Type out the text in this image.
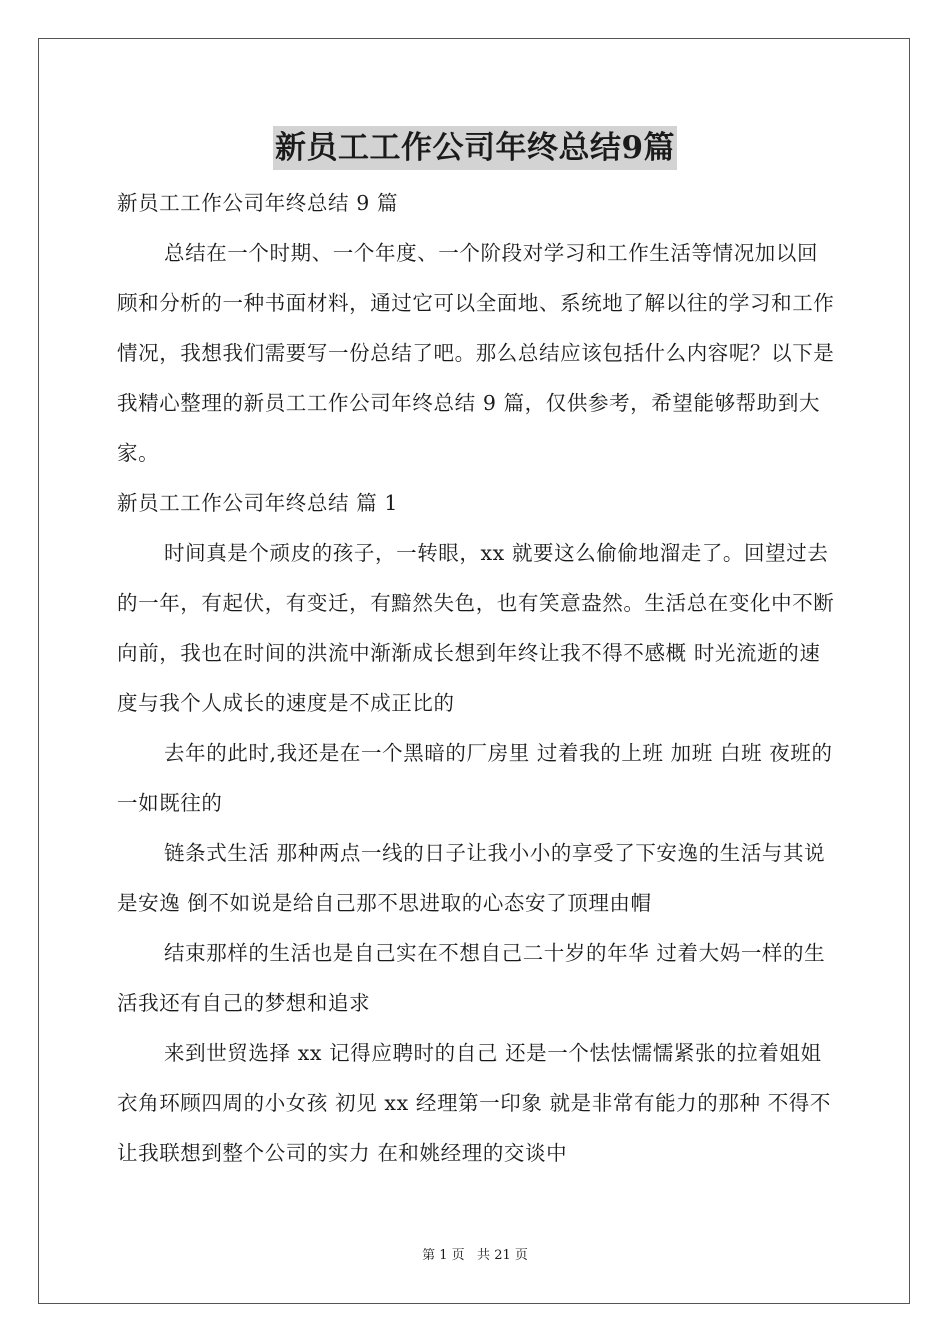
新员工工作公司年终总结9篇

新员工工作公司年终总结 9 篇

总结在一个时期、一个年度、一个阶段对学习和工作生活等情况加以回顾和分析的一种书面材料，通过它可以全面地、系统地了解以往的学习和工作情况，我想我们需要写一份总结了吧。那么总结应该包括什么内容呢？以下是我精心整理的新员工工作公司年终总结 9 篇，仅供参考，希望能够帮助到大家。

新员工工作公司年终总结 篇 1

时间真是个顽皮的孩子，一转眼，xx 就要这么偷偷地溜走了。回望过去的一年，有起伏，有变迁，有黯然失色，也有笑意盎然。生活总在变化中不断向前，我也在时间的洪流中渐渐成长想到年终让我不得不感概 时光流逝的速度与我个人成长的速度是不成正比的

去年的此时,我还是在一个黑暗的厂房里 过着我的上班 加班 白班 夜班的一如既往的

链条式生活 那种两点一线的日子让我小小的享受了下安逸的生活与其说是安逸 倒不如说是给自己那不思进取的心态安了顶理由帽

结束那样的生活也是自己实在不想自己二十岁的年华 过着大妈一样的生活我还有自己的梦想和追求

来到世贸选择 xx 记得应聘时的自己 还是一个怯怯懦懦紧张的拉着姐姐衣角环顾四周的小女孩 初见 xx 经理第一印象 就是非常有能力的那种 不得不让我联想到整个公司的实力 在和姚经理的交谈中

第 1 页   共 21 页
